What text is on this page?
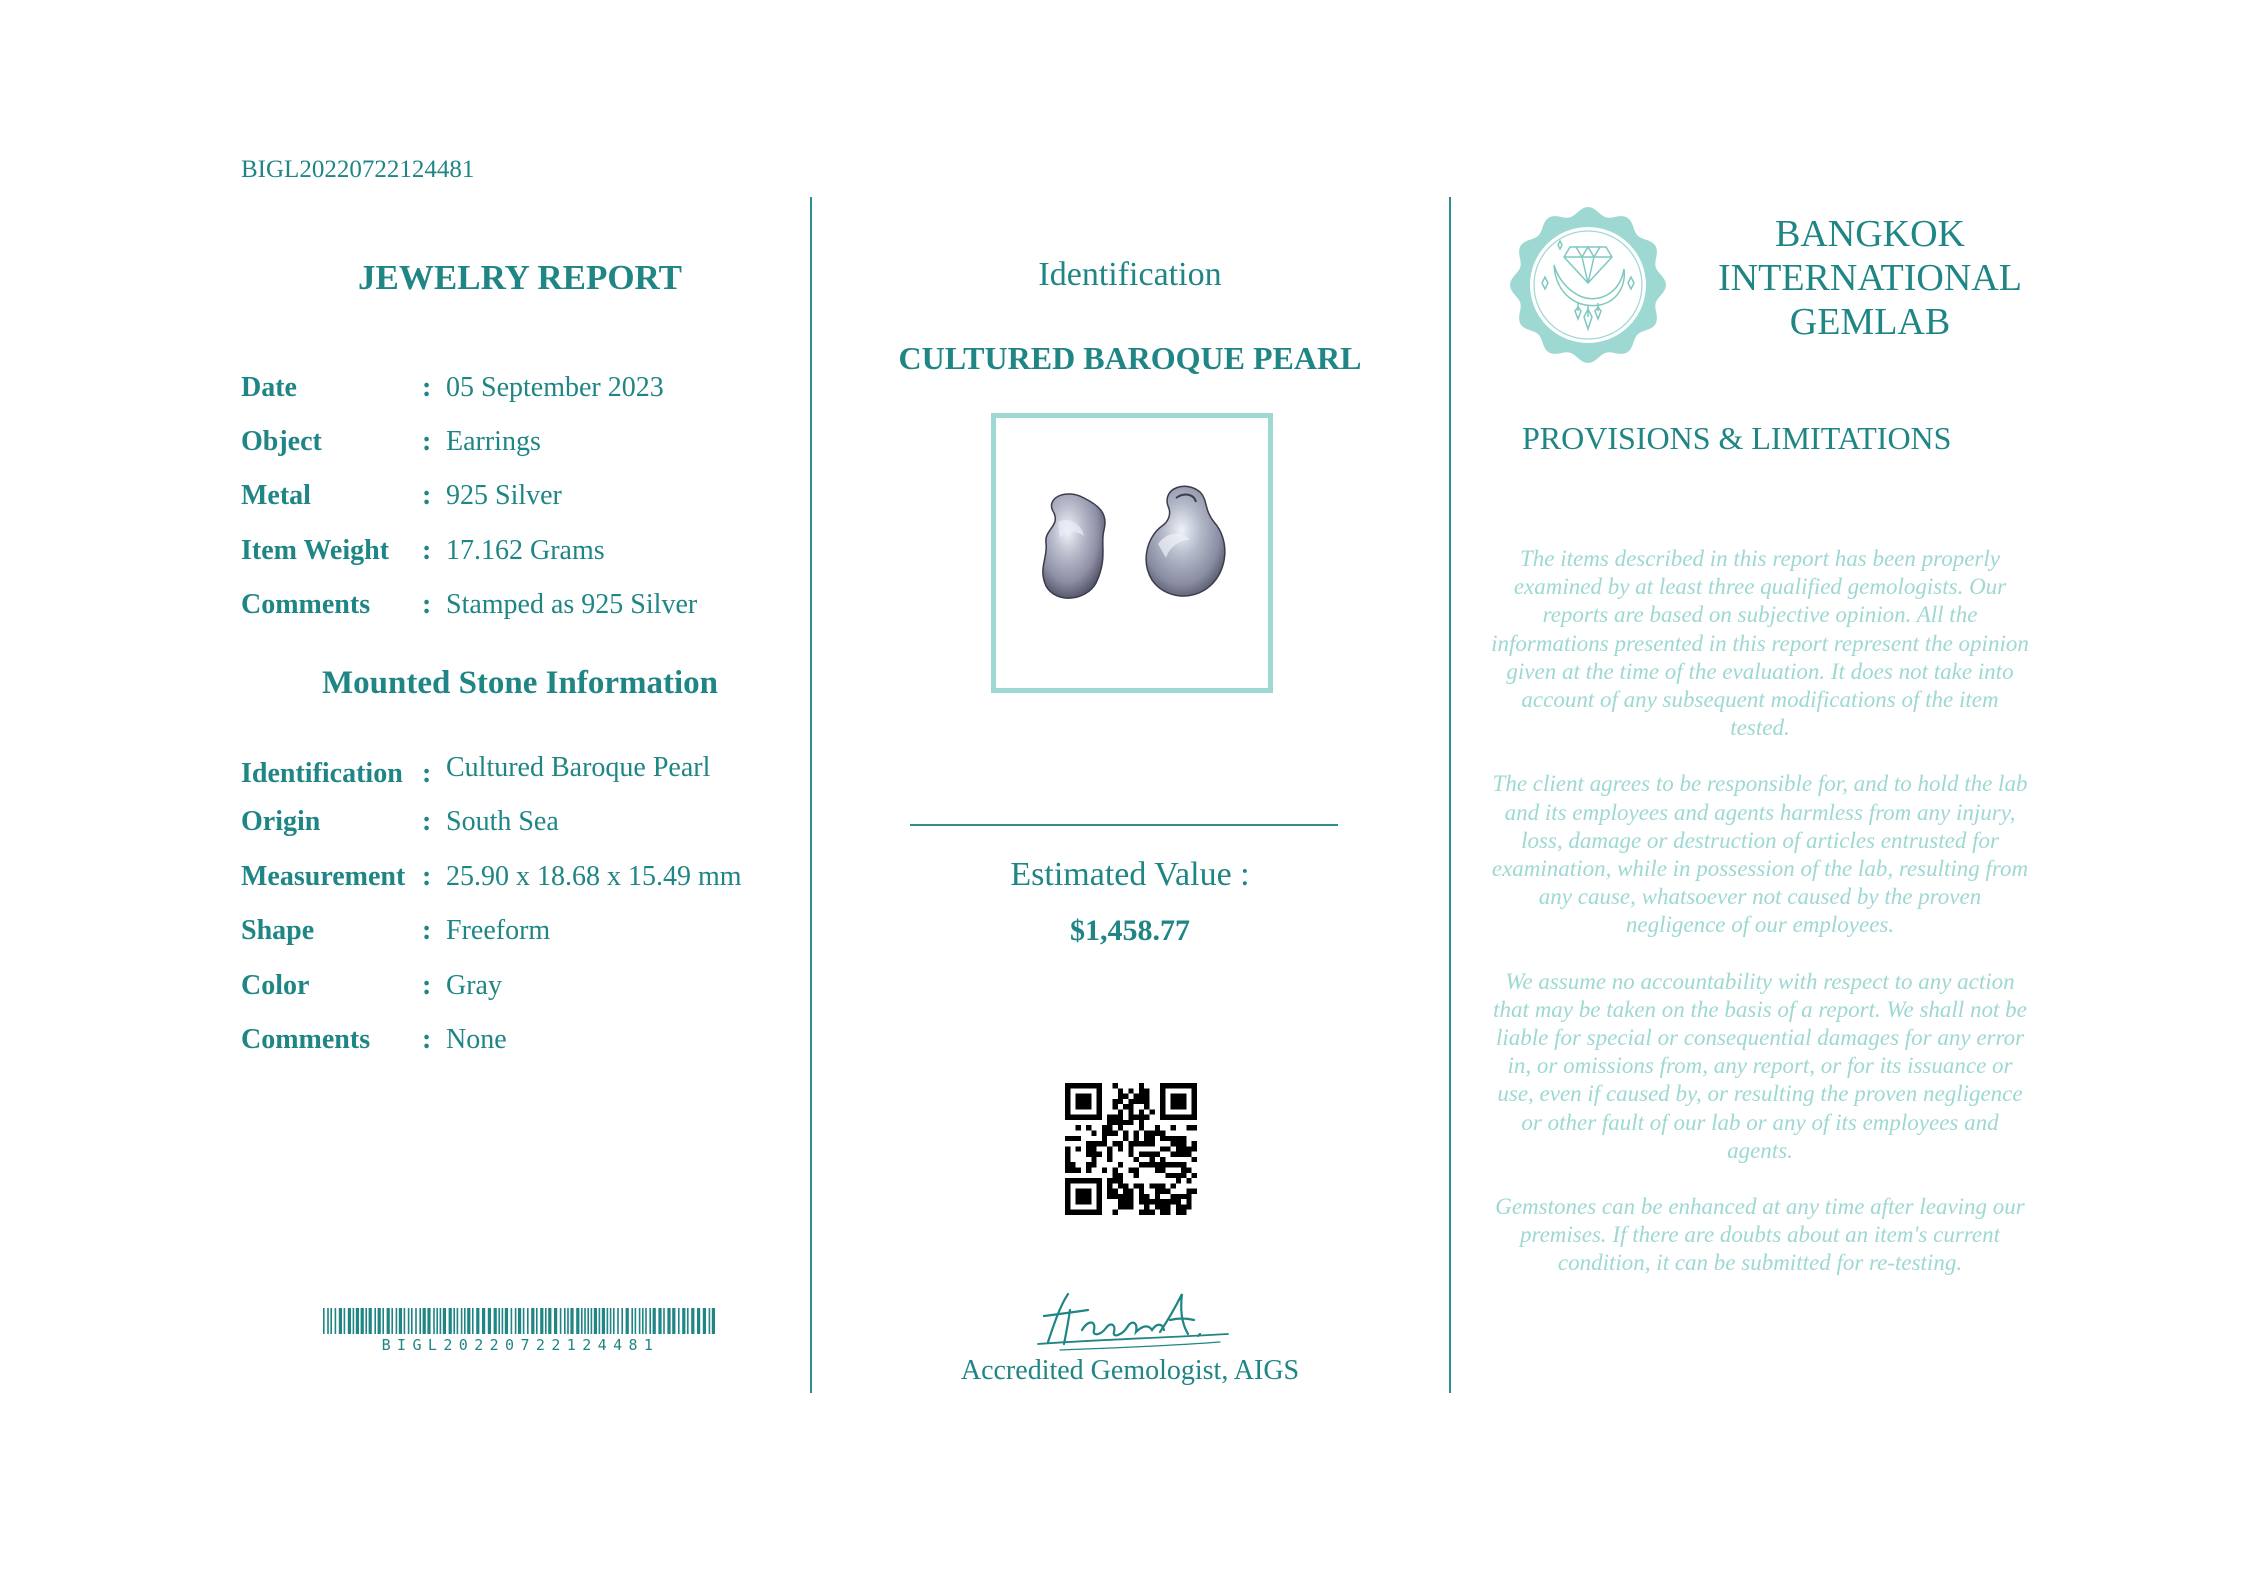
BIGL20220722124481
JEWELRY REPORT
Date	: 05 September 2023
Object	: Earrings
Metal	: 925 Silver
Item Weight : 17.162 Grams
Comments : Stamped as 925 Silver
Mounted Stone Information
Identification : Cultured Baroque Pearl
Origin	: South Sea
Measurement : 25.90 x 18.68 x 15.49 mm
Shape	: Freeform
Color	: Gray
Comments : None
BIGL20220722124481
Identification
CULTURED BAROQUE PEARL
Estimated Value :
$1,458.77
Accredited Gemologist, AIGS
BANGKOK
INTERNATIONAL
GEMLAB
PROVISIONS & LIMITATIONS

The items described in this report has been properly examined by at least three qualified gemologists. Our reports are based on subjective opinion. All the informations presented in this report represent the opinion given at the time of the evaluation. It does not take into account of any subsequent modifications of the item tested.

The client agrees to be responsible for, and to hold the lab and its employees and agents harmless from any injury, loss, damage or destruction of articles entrusted for examination, while in possession of the lab, resulting from any cause, whatsoever not caused by the proven negligence of our employees.

We assume no accountability with respect to any action that may be taken on the basis of a report. We shall not be liable for special or consequential damages for any error in, or omissions from, any report, or for its issuance or use, even if caused by, or resulting the proven negligence or other fault of our lab or any of its employees and agents.

Gemstones can be enhanced at any time after leaving our premises. If there are doubts about an item's current condition, it can be submitted for re-testing.
